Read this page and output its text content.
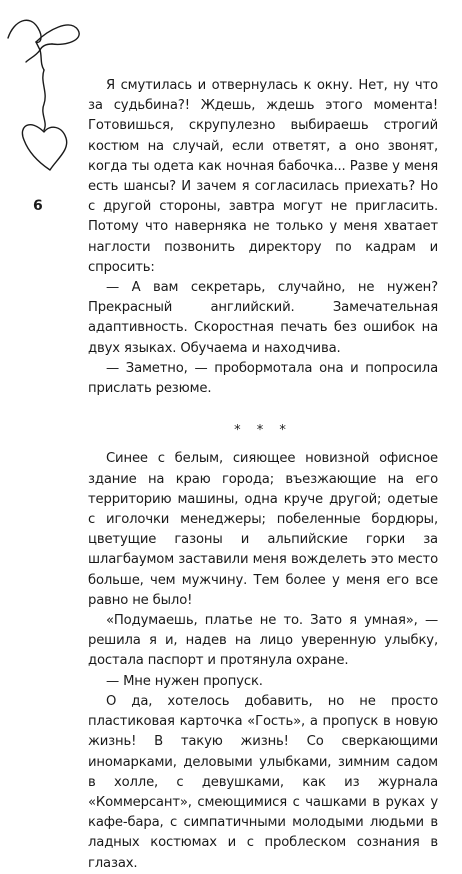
6

Я смутилась и отвернулась к окну. Нет, ну что за судьбина?! Ждешь, ждешь этого момента! Готовишься, скрупулезно выбираешь строгий костюм на случай, если ответят, а оно звонят, когда ты одета как ночная бабочка... Разве у меня есть шансы? И зачем я согласилась приехать? Но с другой стороны, завтра могут не пригласить. Потому что наверняка не только у меня хватает наглости позвонить директору по кадрам и спросить:

— А вам секретарь, случайно, не нужен? Прекрасный английский. Замечательная адаптивность. Скоростная печать без ошибок на двух языках. Обучаема и находчива.

— Заметно, — пробормотала она и попросила прислать резюме.

* * *

Синее с белым, сияющее новизной офисное здание на краю города; въезжающие на его территорию машины, одна круче другой; одетые с иголочки менеджеры; побеленные бордюры, цветущие газоны и альпийские горки за шлагбаумом заставили меня вожделеть это место больше, чем мужчину. Тем более у меня его все равно не было!

«Подумаешь, платье не то. Зато я умная», — решила я и, надев на лицо уверенную улыбку, достала паспорт и протянула охране.

— Мне нужен пропуск.

О да, хотелось добавить, но не просто пластиковая карточка «Гость», а пропуск в новую жизнь! В такую жизнь! Со сверкающими иномарками, деловыми улыбками, зимним садом в холле, с девушками, как из журнала «Коммерсант», смеющимися с чашками в руках у кафе-бара, с симпатичными молодыми людьми в ладных костюмах и с проблеском сознания в глазах.
